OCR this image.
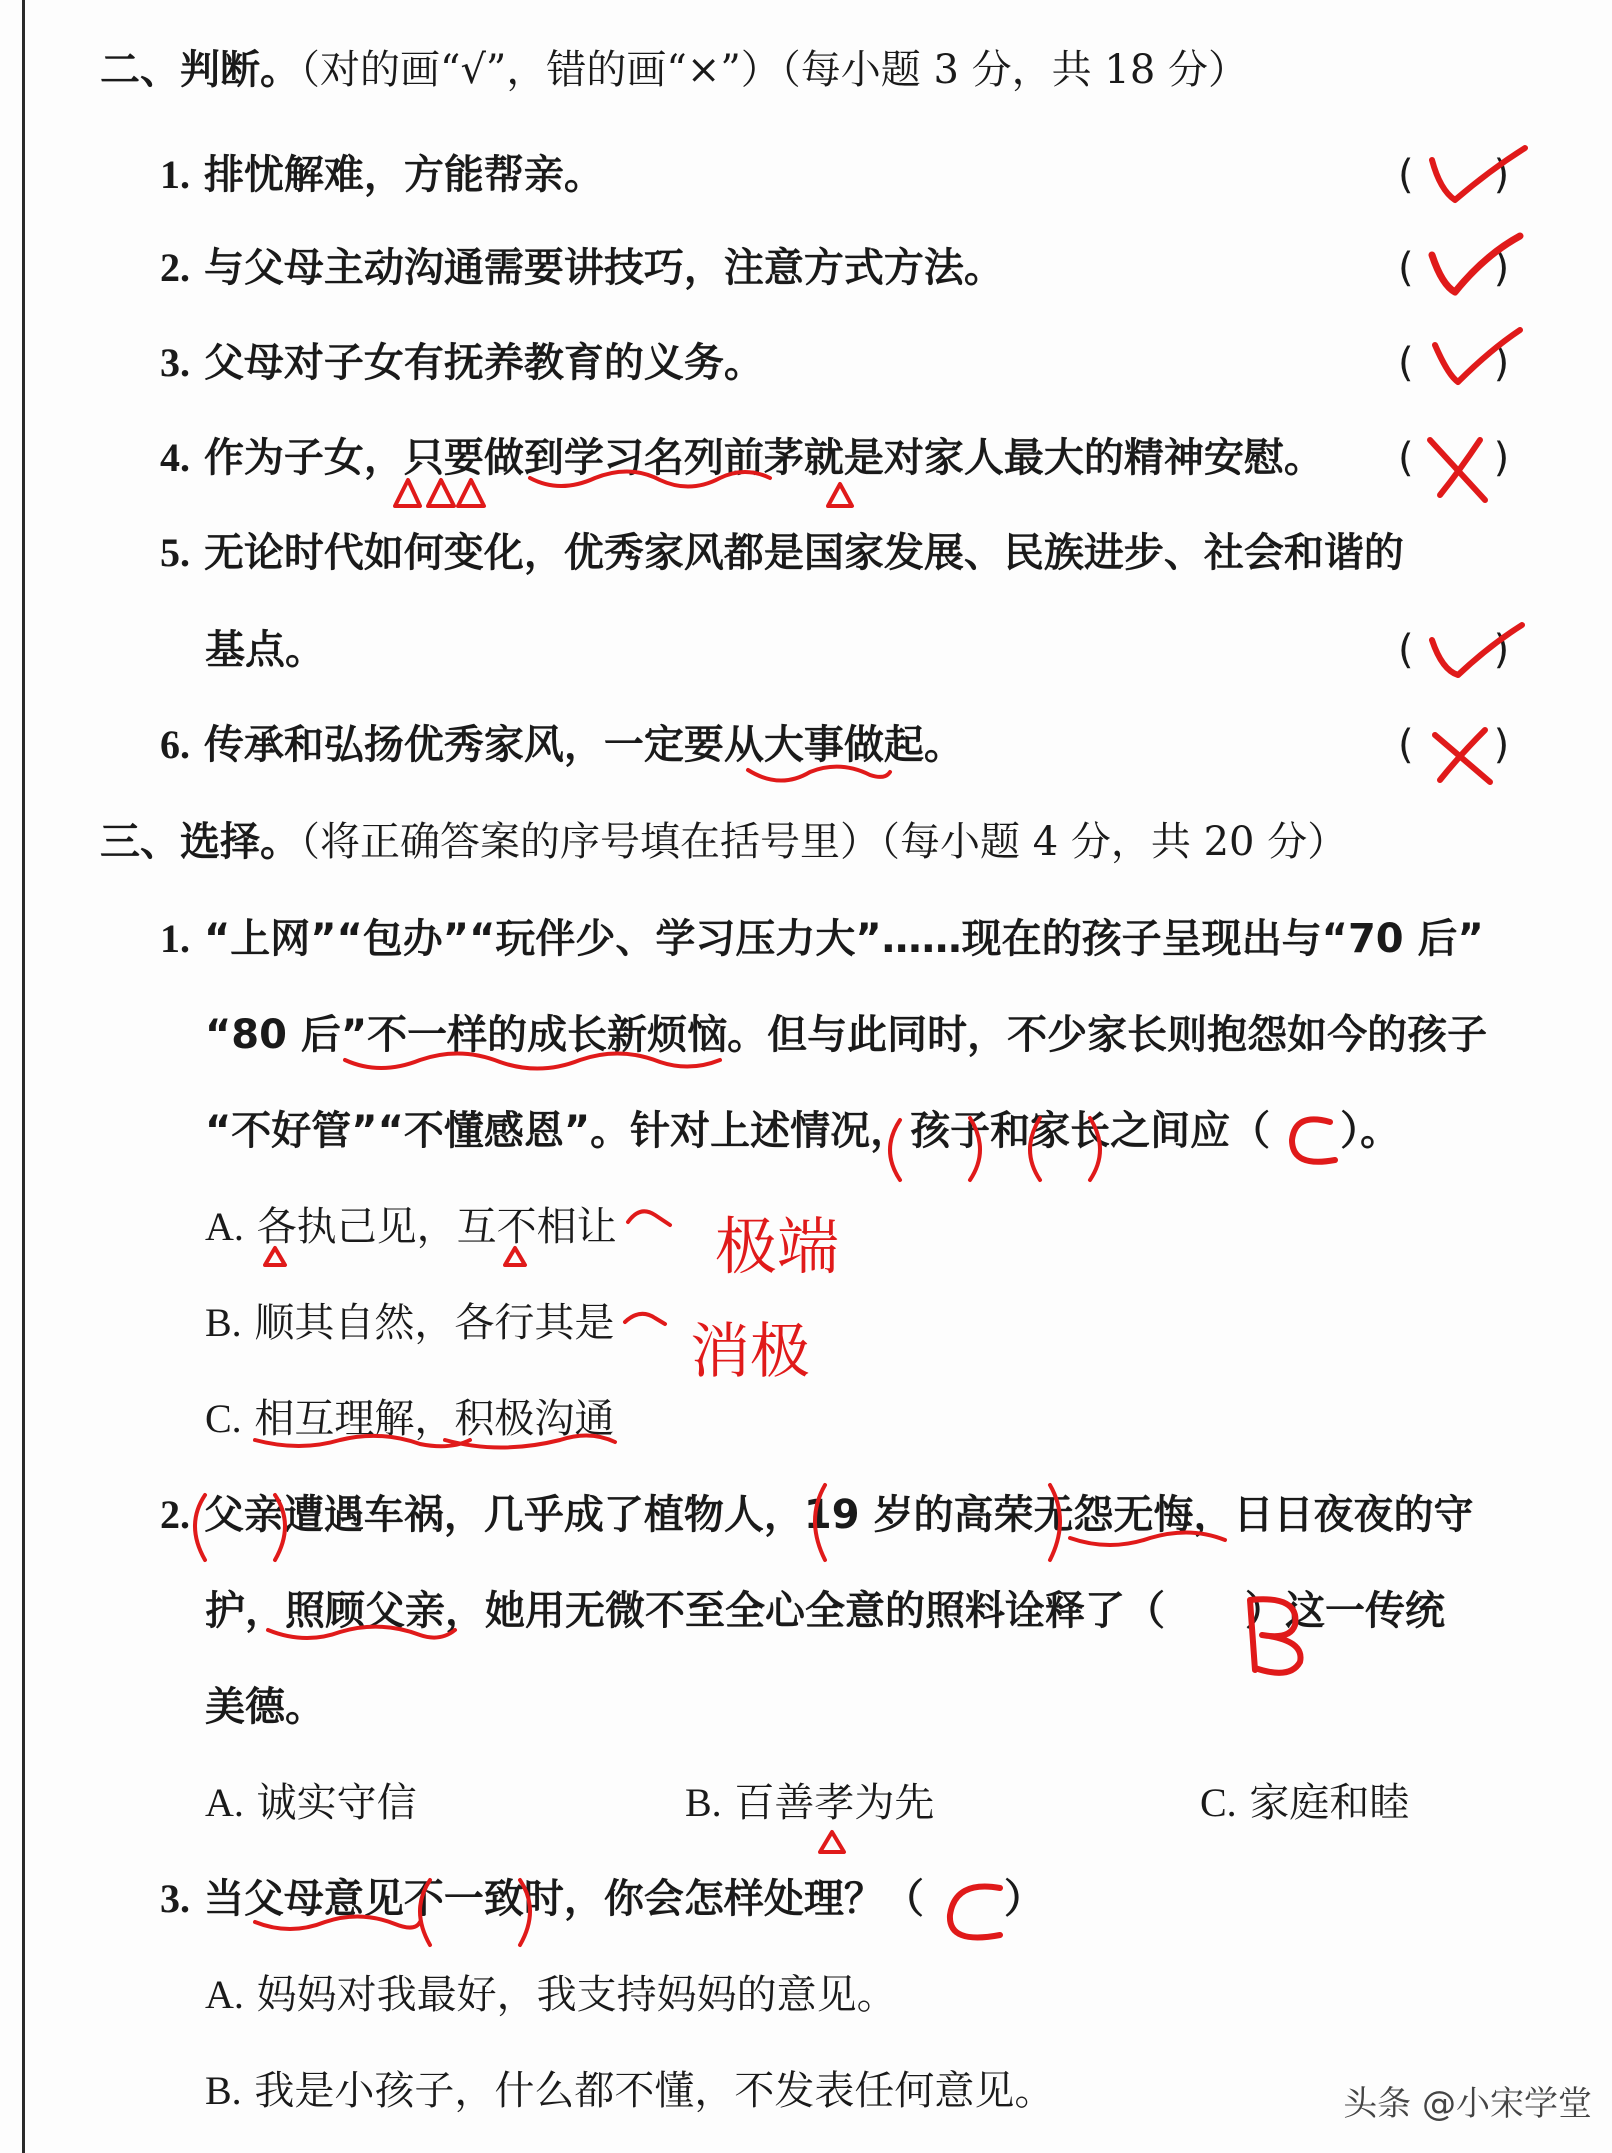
二、判断。（对的画“√”，错的画“×”）（每小题 3 分，共 18 分）
1. 排忧解难，方能帮亲。	(　　)
2. 与父母主动沟通需要讲技巧，注意方式方法。	(　　)
3. 父母对子女有抚养教育的义务。	(　　)
4. 作为子女，只要做到学习名列前茅就是对家人最大的精神安慰。 (　　)
5. 无论时代如何变化，优秀家风都是国家发展、民族进步、社会和谐的
基点。	(　　)
6. 传承和弘扬优秀家风，一定要从大事做起。	(　　)
三、选择。（将正确答案的序号填在括号里）（每小题 4 分，共 20 分）
1. “上网”“包办”“玩伴少、学习压力大”……现在的孩子呈现出与“70 后”
“80 后”不一样的成长新烦恼。但与此同时，不少家长则抱怨如今的孩子
“不好管”“不懂感恩”。针对上述情况，孩子和家长之间应（ ）。
A. 各执己见，互不相让
B. 顺其自然，各行其是
C. 相互理解，积极沟通
2. 父亲遭遇车祸，几乎成了植物人，19 岁的高荣无怨无悔，日日夜夜的守
护，照顾父亲，她用无微不至全心全意的照料诠释了（ ）这一传统
美德。
A. 诚实守信	B. 百善孝为先	C. 家庭和睦
3. 当父母意见不一致时，你会怎样处理？（ ）
A. 妈妈对我最好，我支持妈妈的意见。
B. 我是小孩子，什么都不懂，不发表任何意见。	头条 @小宋学堂
极端
消极
